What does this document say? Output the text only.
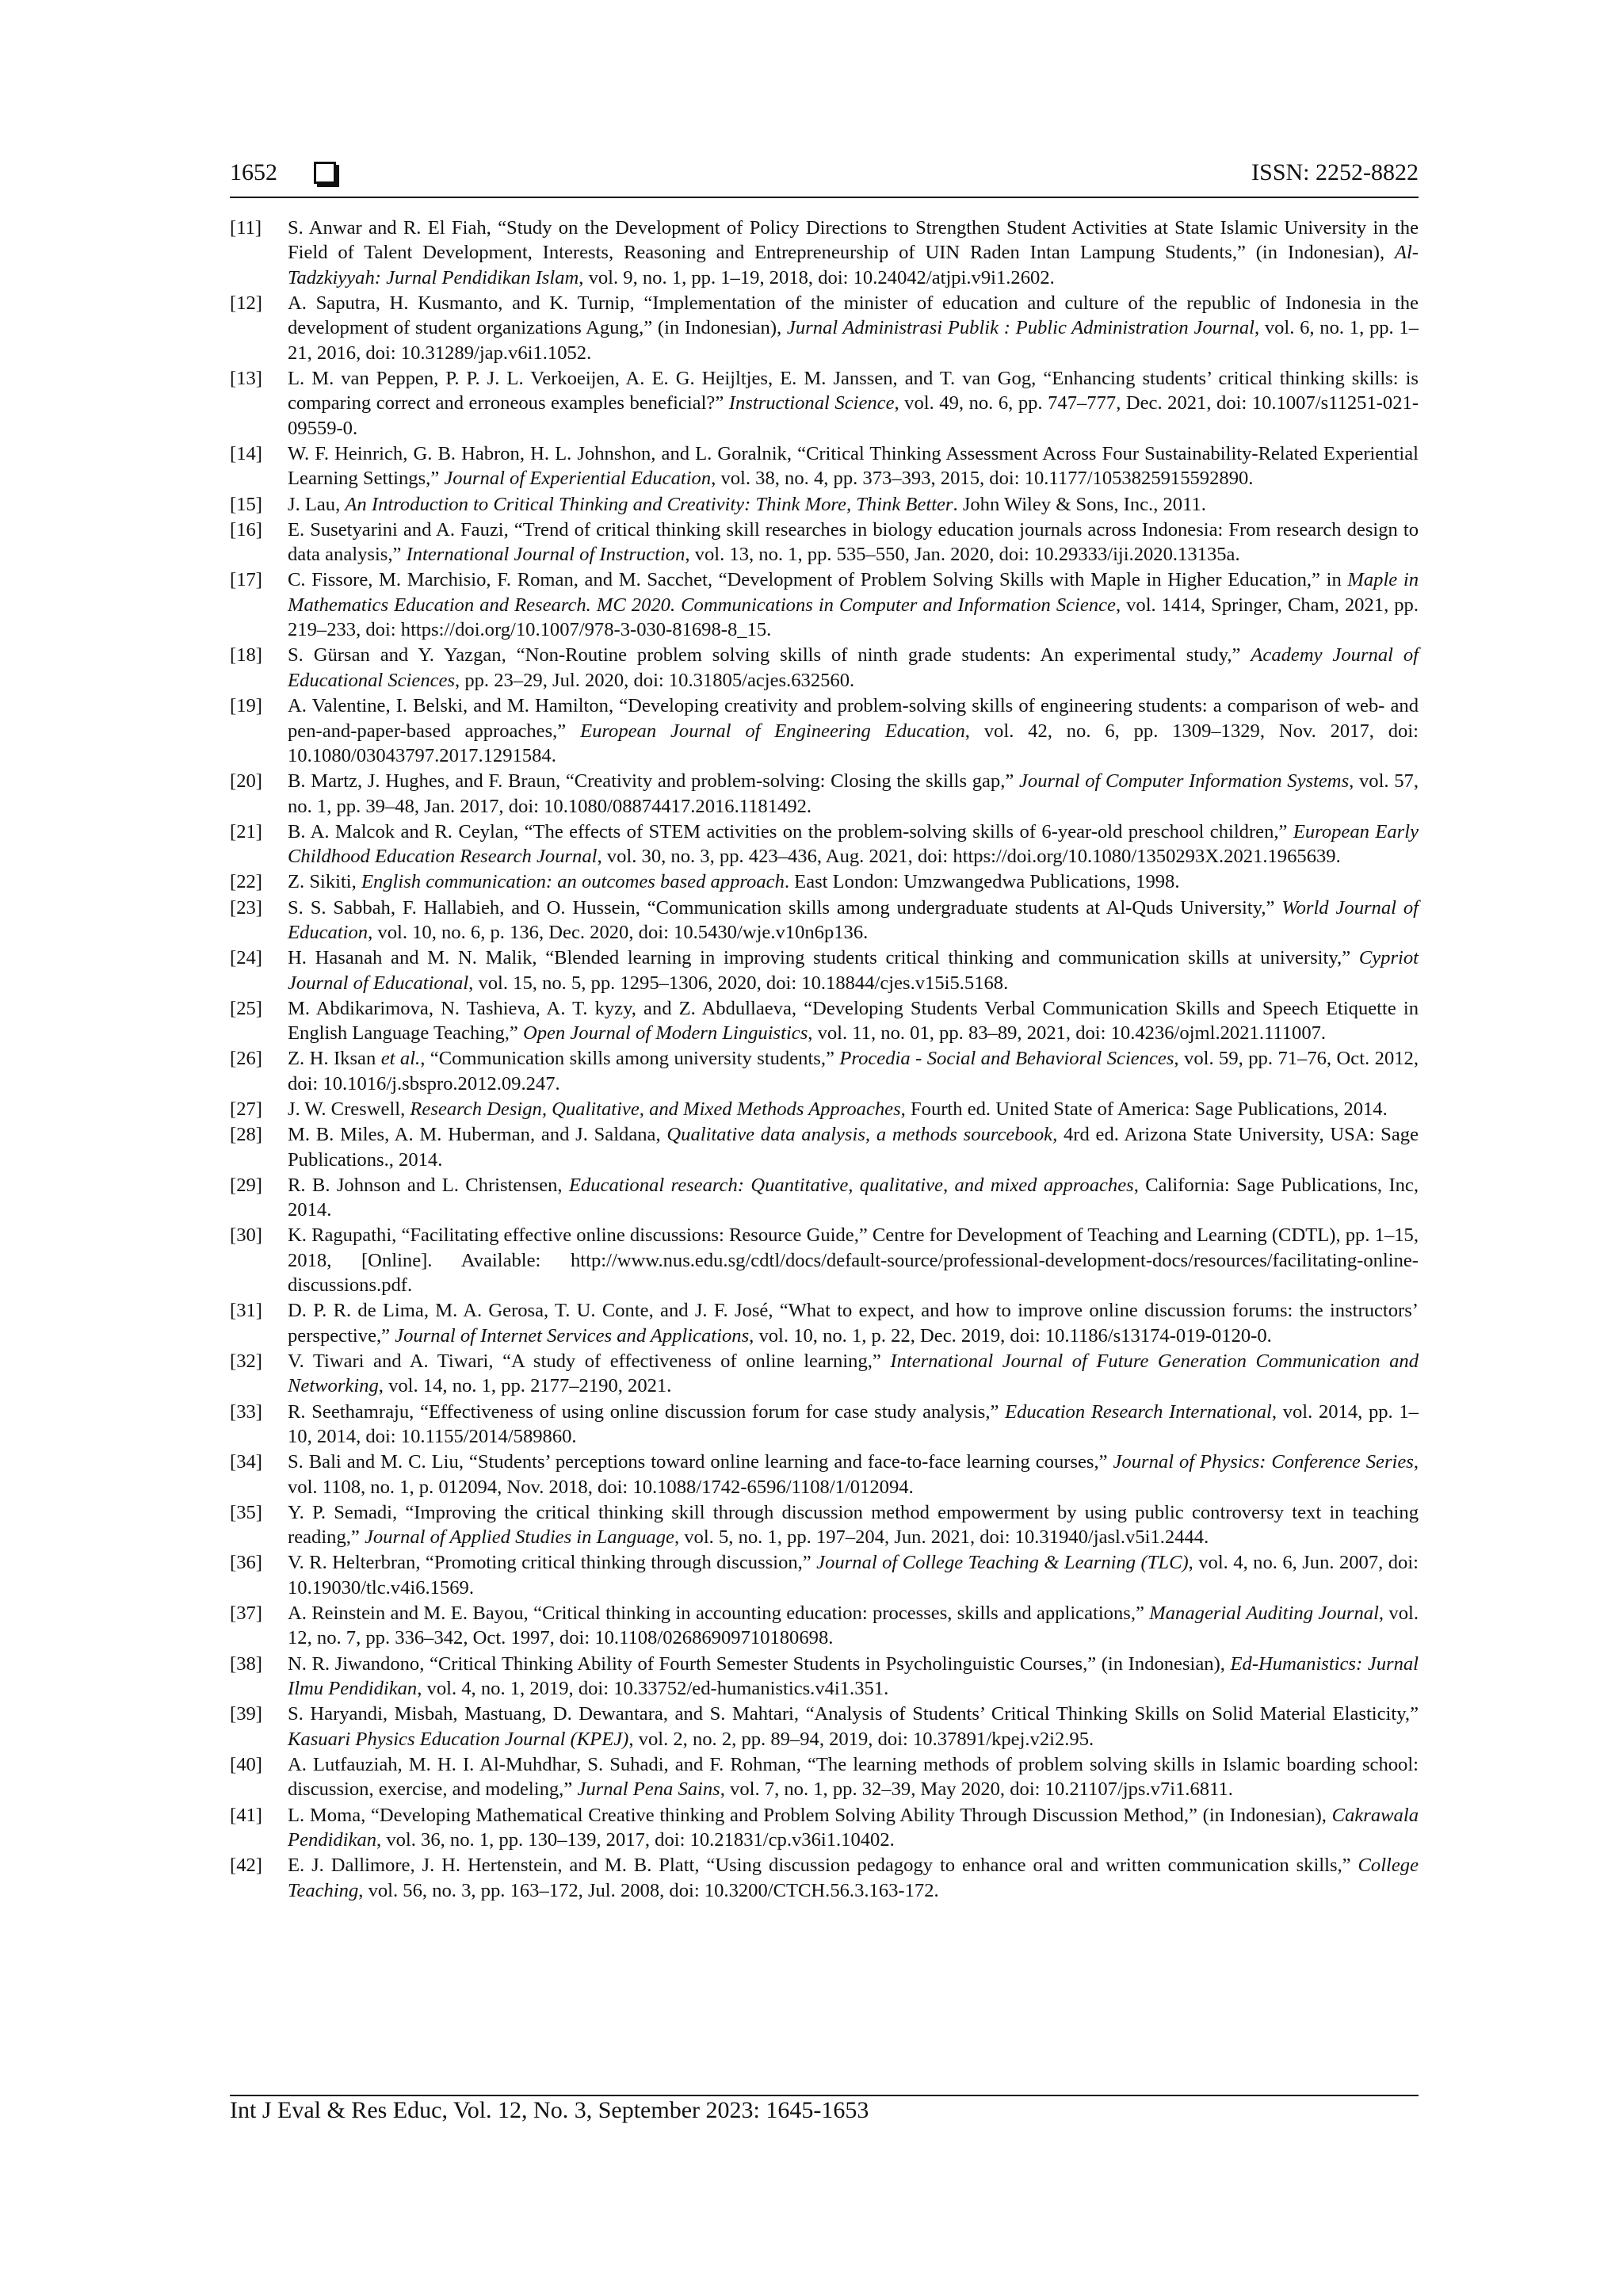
1652	ISSN: 2252-8822
[11]	S. Anwar and R. El Fiah, “Study on the Development of Policy Directions to Strengthen Student Activities at State Islamic University in the Field of Talent Development, Interests, Reasoning and Entrepreneurship of UIN Raden Intan Lampung Students,” (in Indonesian), Al-Tadzkiyyah: Jurnal Pendidikan Islam, vol. 9, no. 1, pp. 1–19, 2018, doi: 10.24042/atjpi.v9i1.2602.
[12]	A. Saputra, H. Kusmanto, and K. Turnip, “Implementation of the minister of education and culture of the republic of Indonesia in the development of student organizations Agung,” (in Indonesian), Jurnal Administrasi Publik : Public Administration Journal, vol. 6, no. 1, pp. 1–21, 2016, doi: 10.31289/jap.v6i1.1052.
[13]	L. M. van Peppen, P. P. J. L. Verkoeijen, A. E. G. Heijltjes, E. M. Janssen, and T. van Gog, “Enhancing students’ critical thinking skills: is comparing correct and erroneous examples beneficial?” Instructional Science, vol. 49, no. 6, pp. 747–777, Dec. 2021, doi: 10.1007/s11251-021-09559-0.
[14]	W. F. Heinrich, G. B. Habron, H. L. Johnshon, and L. Goralnik, “Critical Thinking Assessment Across Four Sustainability-Related Experiential Learning Settings,” Journal of Experiential Education, vol. 38, no. 4, pp. 373–393, 2015, doi: 10.1177/1053825915592890.
[15]	J. Lau, An Introduction to Critical Thinking and Creativity: Think More, Think Better. John Wiley & Sons, Inc., 2011.
[16]	E. Susetyarini and A. Fauzi, “Trend of critical thinking skill researches in biology education journals across Indonesia: From research design to data analysis,” International Journal of Instruction, vol. 13, no. 1, pp. 535–550, Jan. 2020, doi: 10.29333/iji.2020.13135a.
[17]	C. Fissore, M. Marchisio, F. Roman, and M. Sacchet, “Development of Problem Solving Skills with Maple in Higher Education,” in Maple in Mathematics Education and Research. MC 2020. Communications in Computer and Information Science, vol. 1414, Springer, Cham, 2021, pp. 219–233, doi: https://doi.org/10.1007/978-3-030-81698-8_15.
[18]	S. Gürsan and Y. Yazgan, “Non-Routine problem solving skills of ninth grade students: An experimental study,” Academy Journal of Educational Sciences, pp. 23–29, Jul. 2020, doi: 10.31805/acjes.632560.
[19]	A. Valentine, I. Belski, and M. Hamilton, “Developing creativity and problem-solving skills of engineering students: a comparison of web- and pen-and-paper-based approaches,” European Journal of Engineering Education, vol. 42, no. 6, pp. 1309–1329, Nov. 2017, doi: 10.1080/03043797.2017.1291584.
[20]	B. Martz, J. Hughes, and F. Braun, “Creativity and problem-solving: Closing the skills gap,” Journal of Computer Information Systems, vol. 57, no. 1, pp. 39–48, Jan. 2017, doi: 10.1080/08874417.2016.1181492.
[21]	B. A. Malcok and R. Ceylan, “The effects of STEM activities on the problem-solving skills of 6-year-old preschool children,” European Early Childhood Education Research Journal, vol. 30, no. 3, pp. 423–436, Aug. 2021, doi: https://doi.org/10.1080/1350293X.2021.1965639.
[22]	Z. Sikiti, English communication: an outcomes based approach. East London: Umzwangedwa Publications, 1998.
[23]	S. S. Sabbah, F. Hallabieh, and O. Hussein, “Communication skills among undergraduate students at Al-Quds University,” World Journal of Education, vol. 10, no. 6, p. 136, Dec. 2020, doi: 10.5430/wje.v10n6p136.
[24]	H. Hasanah and M. N. Malik, “Blended learning in improving students critical thinking and communication skills at university,” Cypriot Journal of Educational, vol. 15, no. 5, pp. 1295–1306, 2020, doi: 10.18844/cjes.v15i5.5168.
[25]	M. Abdikarimova, N. Tashieva, A. T. kyzy, and Z. Abdullaeva, “Developing Students Verbal Communication Skills and Speech Etiquette in English Language Teaching,” Open Journal of Modern Linguistics, vol. 11, no. 01, pp. 83–89, 2021, doi: 10.4236/ojml.2021.111007.
[26]	Z. H. Iksan et al., “Communication skills among university students,” Procedia - Social and Behavioral Sciences, vol. 59, pp. 71–76, Oct. 2012, doi: 10.1016/j.sbspro.2012.09.247.
[27]	J. W. Creswell, Research Design, Qualitative, and Mixed Methods Approaches, Fourth ed. United State of America: Sage Publications, 2014.
[28]	M. B. Miles, A. M. Huberman, and J. Saldana, Qualitative data analysis, a methods sourcebook, 4rd ed. Arizona State University, USA: Sage Publications., 2014.
[29]	R. B. Johnson and L. Christensen, Educational research: Quantitative, qualitative, and mixed approaches, California: Sage Publications, Inc, 2014.
[30]	K. Ragupathi, “Facilitating effective online discussions: Resource Guide,” Centre for Development of Teaching and Learning (CDTL), pp. 1–15, 2018, [Online]. Available: http://www.nus.edu.sg/cdtl/docs/default-source/professional-development-docs/resources/facilitating-online-discussions.pdf.
[31]	D. P. R. de Lima, M. A. Gerosa, T. U. Conte, and J. F. José, “What to expect, and how to improve online discussion forums: the instructors’ perspective,” Journal of Internet Services and Applications, vol. 10, no. 1, p. 22, Dec. 2019, doi: 10.1186/s13174-019-0120-0.
[32]	V. Tiwari and A. Tiwari, “A study of effectiveness of online learning,” International Journal of Future Generation Communication and Networking, vol. 14, no. 1, pp. 2177–2190, 2021.
[33]	R. Seethamraju, “Effectiveness of using online discussion forum for case study analysis,” Education Research International, vol. 2014, pp. 1–10, 2014, doi: 10.1155/2014/589860.
[34]	S. Bali and M. C. Liu, “Students’ perceptions toward online learning and face-to-face learning courses,” Journal of Physics: Conference Series, vol. 1108, no. 1, p. 012094, Nov. 2018, doi: 10.1088/1742-6596/1108/1/012094.
[35]	Y. P. Semadi, “Improving the critical thinking skill through discussion method empowerment by using public controversy text in teaching reading,” Journal of Applied Studies in Language, vol. 5, no. 1, pp. 197–204, Jun. 2021, doi: 10.31940/jasl.v5i1.2444.
[36]	V. R. Helterbran, “Promoting critical thinking through discussion,” Journal of College Teaching & Learning (TLC), vol. 4, no. 6, Jun. 2007, doi: 10.19030/tlc.v4i6.1569.
[37]	A. Reinstein and M. E. Bayou, “Critical thinking in accounting education: processes, skills and applications,” Managerial Auditing Journal, vol. 12, no. 7, pp. 336–342, Oct. 1997, doi: 10.1108/02686909710180698.
[38]	N. R. Jiwandono, “Critical Thinking Ability of Fourth Semester Students in Psycholinguistic Courses,” (in Indonesian), Ed-Humanistics: Jurnal Ilmu Pendidikan, vol. 4, no. 1, 2019, doi: 10.33752/ed-humanistics.v4i1.351.
[39]	S. Haryandi, Misbah, Mastuang, D. Dewantara, and S. Mahtari, “Analysis of Students’ Critical Thinking Skills on Solid Material Elasticity,” Kasuari Physics Education Journal (KPEJ), vol. 2, no. 2, pp. 89–94, 2019, doi: 10.37891/kpej.v2i2.95.
[40]	A. Lutfauziah, M. H. I. Al-Muhdhar, S. Suhadi, and F. Rohman, “The learning methods of problem solving skills in Islamic boarding school: discussion, exercise, and modeling,” Jurnal Pena Sains, vol. 7, no. 1, pp. 32–39, May 2020, doi: 10.21107/jps.v7i1.6811.
[41]	L. Moma, “Developing Mathematical Creative thinking and Problem Solving Ability Through Discussion Method,” (in Indonesian), Cakrawala Pendidikan, vol. 36, no. 1, pp. 130–139, 2017, doi: 10.21831/cp.v36i1.10402.
[42]	E. J. Dallimore, J. H. Hertenstein, and M. B. Platt, “Using discussion pedagogy to enhance oral and written communication skills,” College Teaching, vol. 56, no. 3, pp. 163–172, Jul. 2008, doi: 10.3200/CTCH.56.3.163-172.
Int J Eval & Res Educ, Vol. 12, No. 3, September 2023: 1645-1653
